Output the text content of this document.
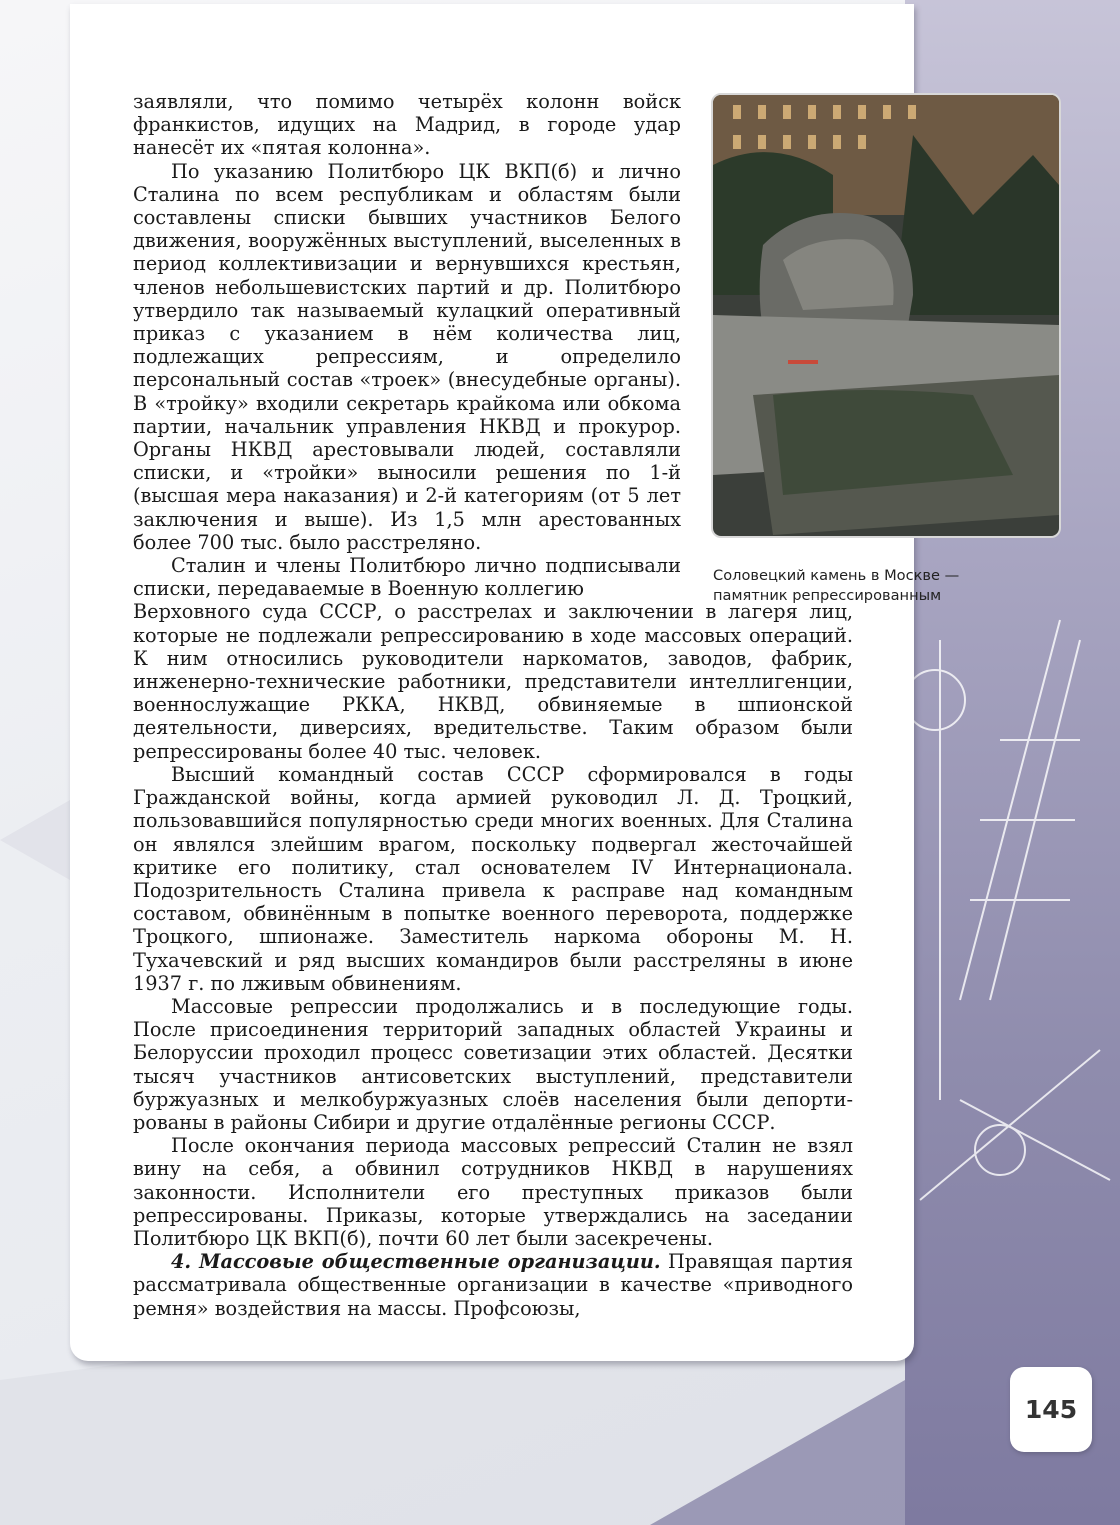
Соловецкий камень в Москве — памятник репрессированным

заявляли, что помимо четырёх колонн войск франкистов, идущих на Мадрид, в городе удар нанесёт их «пятая колонна».

По указанию Политбюро ЦК ВКП(б) и лично Сталина по всем республикам и областям были составлены списки бывших участников Белого движения, вооружённых выступлений, выселенных в период коллективизации и вернувшихся крестьян, членов небольшевистских партий и др. Политбюро утвердило так называемый кулацкий оперативный приказ с указанием в нём количества лиц, подлежащих репрессиям, и определило персональный состав «троек» (внесудебные органы). В «тройку» входили секретарь крайкома или обкома партии, начальник управления НКВД и прокурор. Органы НКВД арестовывали людей, составляли списки, и «тройки» выносили решения по 1-й (высшая мера наказания) и 2-й категориям (от 5 лет заключения и выше). Из 1,5 млн арестованных более 700 тыс. было расстреляно.

Сталин и члены Политбюро лично подписывали списки, передаваемые в Военную коллегию

Верховного суда СССР, о расстрелах и заключении в лагеря лиц, которые не подлежали репрессированию в ходе массовых операций. К ним относились руководители наркоматов, заводов, фабрик, инженерно-технические работники, представители интеллигенции, военнослужащие РККА, НКВД, обвиняемые в шпионской деятельности, диверсиях, вредительстве. Таким образом были репрессированы более 40 тыс. человек.

Высший командный состав СССР сформировался в годы Гражданской войны, когда армией руководил Л. Д. Троцкий, пользовавшийся популярностью среди многих военных. Для Сталина он являлся злейшим врагом, поскольку подвергал жесточайшей критике его политику, стал основателем IV Интернационала. Подозрительность Сталина привела к расправе над командным составом, обвинённым в попытке военного переворота, поддержке Троцкого, шпионаже. Заместитель наркома обороны М. Н. Тухачевский и ряд высших командиров были расстреляны в июне 1937 г. по лживым обвинениям.

Массовые репрессии продолжались и в последующие годы. После присоединения территорий западных областей Украины и Белоруссии проходил процесс советизации этих областей. Десятки тысяч участников антисоветских выступлений, представители буржуазных и мелкобуржуазных слоёв населения были депортированы в районы Сибири и другие отдалённые регионы СССР.

После окончания периода массовых репрессий Сталин не взял вину на себя, а обвинил сотрудников НКВД в нарушениях законности. Исполнители его преступных приказов были репрессированы. Приказы, которые утверждались на заседании Политбюро ЦК ВКП(б), почти 60 лет были засекречены.

4. Массовые общественные организации. Правящая партия рассматривала общественные организации в качестве «приводного ремня» воздействия на массы. Профсоюзы,

145
